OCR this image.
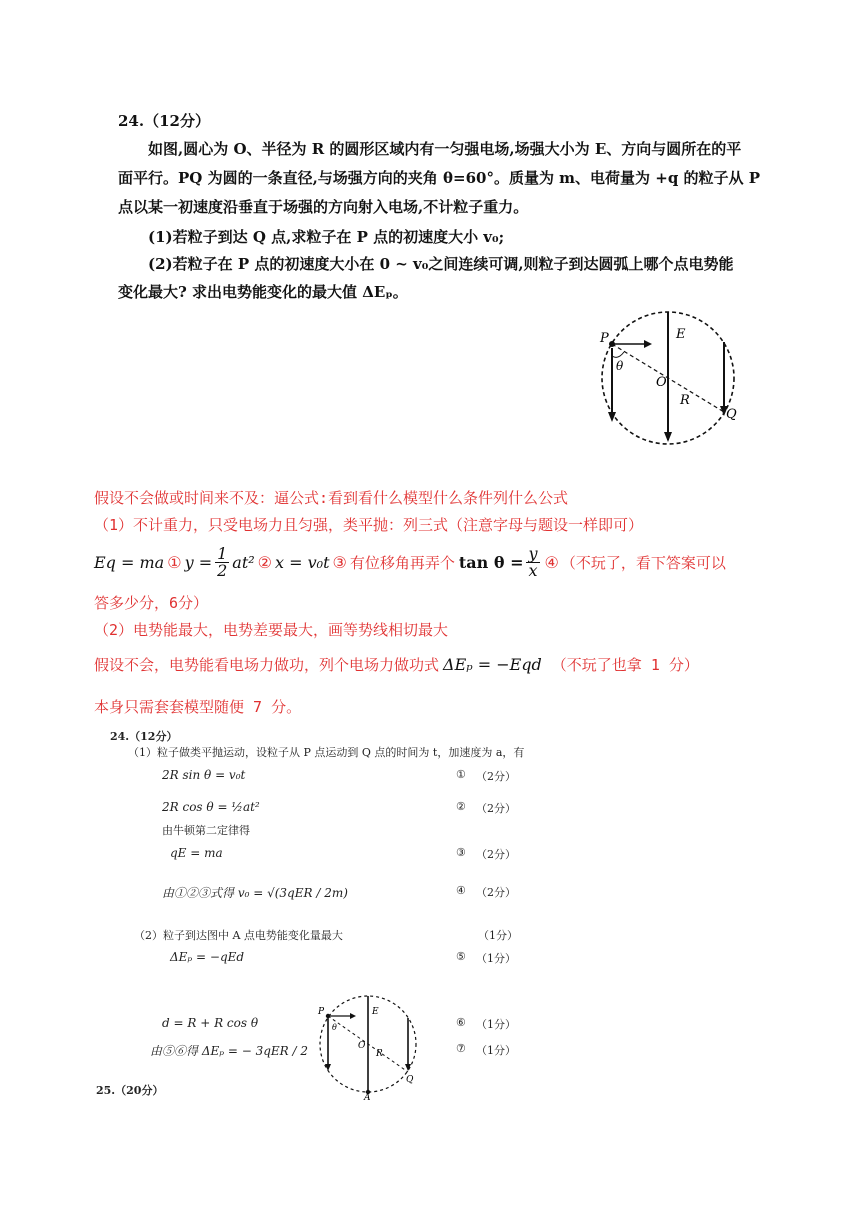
24.（12分）
如图,圆心为 O、半径为 R 的圆形区域内有一匀强电场,场强大小为 E、方向与圆所在的平
面平行。PQ 为圆的一条直径,与场强方向的夹角 θ=60°。质量为 m、电荷量为 +q 的粒子从 P
点以某一初速度沿垂直于场强的方向射入电场,不计粒子重力。
(1)若粒子到达 Q 点,求粒子在 P 点的初速度大小 v₀;
(2)若粒子在 P 点的初速度大小在 0 ~ v₀之间连续可调,则粒子到达圆弧上哪个点电势能
变化最大? 求出电势能变化的最大值 ΔEₚ。
P	E
O
R
Q
θ
假设不会做或时间来不及：逼公式:看到看什么模型什么条件列什么公式
（1）不计重力，只受电场力且匀强，类平抛：列三式（注意字母与题设一样即可）
Eq = ma ① $y = \frac{1}{2} at^2$ ② x = v₀t ③ 有位移角再弄个 $\tan \theta = \frac{y}{x}$ ④ （不玩了，看下答案可以
答多少分，6分）
（2）电势能最大，电势差要最大，画等势线相切最大
假设不会，电势能看电场力做功，列个电场力做功式 ΔEₚ = −Eqd （不玩了也拿 1 分）
本身只需套套模型随便 7 分。
24.（12分）
（1）粒子做类平抛运动，设粒子从 P 点运动到 Q 点的时间为 t，加速度为 a，有
2R sin θ = v₀t	① （2分）
2R cos θ = ½at²	② （2分）
由牛顿第二定律得
qE = ma	③ （2分）
由①②③式得 v₀ = √(3qER / 2m)	④ （2分）
（2）粒子到达图中 A 点电势能变化量最大	（1分）
ΔEₚ = −qEd	⑤ （1分）
d = R + R cos θ	⑥ （1分）
由⑤⑥得 ΔEₚ = − 3qER / 2	⑦ （1分）
P	E
O
R
Q
A
θ
25.（20分）
